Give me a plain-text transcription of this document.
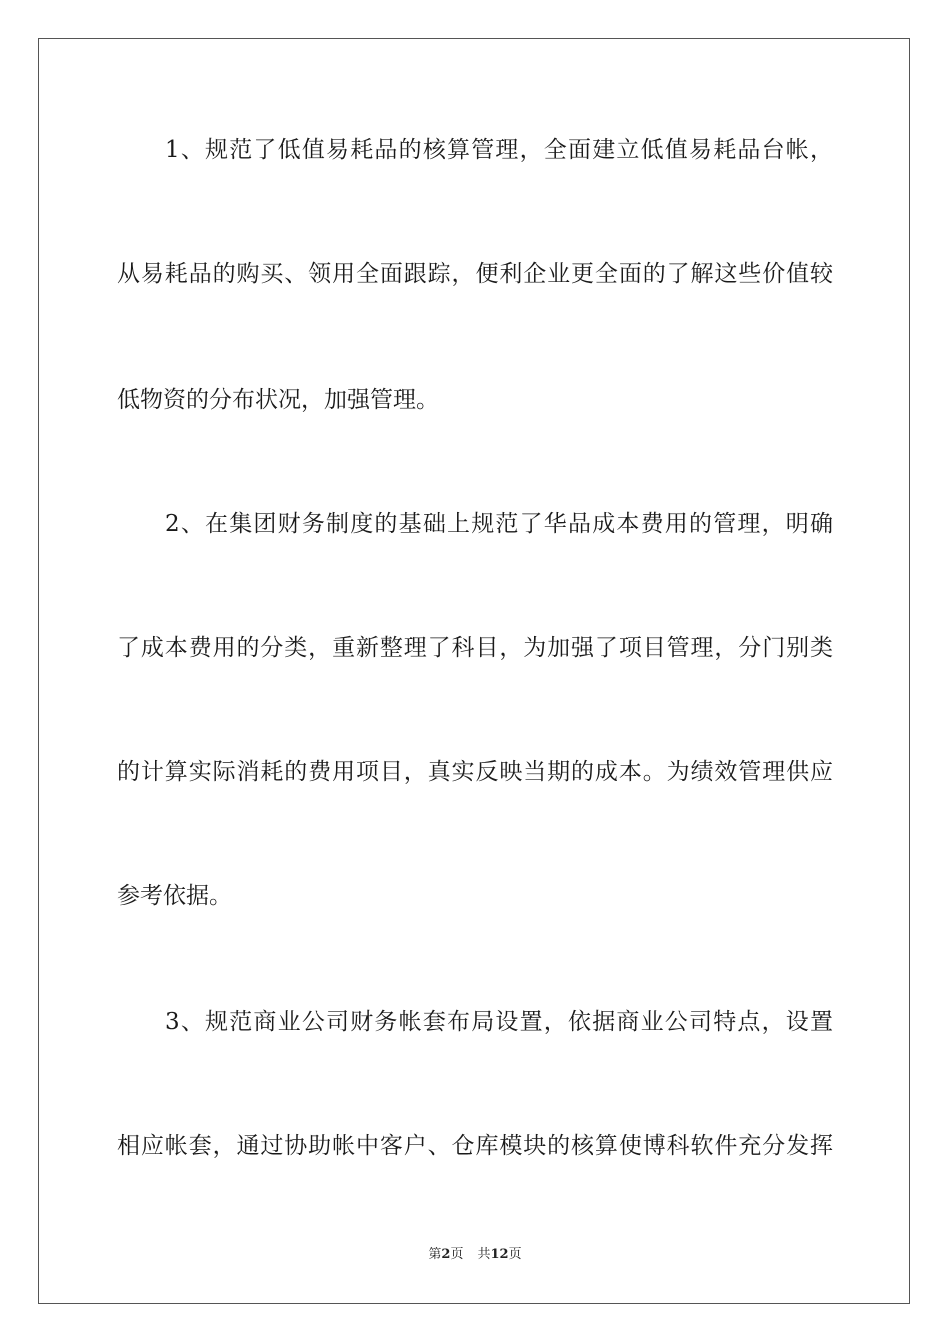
1、规范了低值易耗品的核算管理，全面建立低值易耗品台帐，
从易耗品的购买、领用全面跟踪，便利企业更全面的了解这些价值较
低物资的分布状况，加强管理。
2、在集团财务制度的基础上规范了华品成本费用的管理，明确
了成本费用的分类，重新整理了科目，为加强了项目管理，分门别类
的计算实际消耗的费用项目，真实反映当期的成本。为绩效管理供应
参考依据。
3、规范商业公司财务帐套布局设置，依据商业公司特点，设置
相应帐套，通过协助帐中客户、仓库模块的核算使博科软件充分发挥
第2页 共12页
